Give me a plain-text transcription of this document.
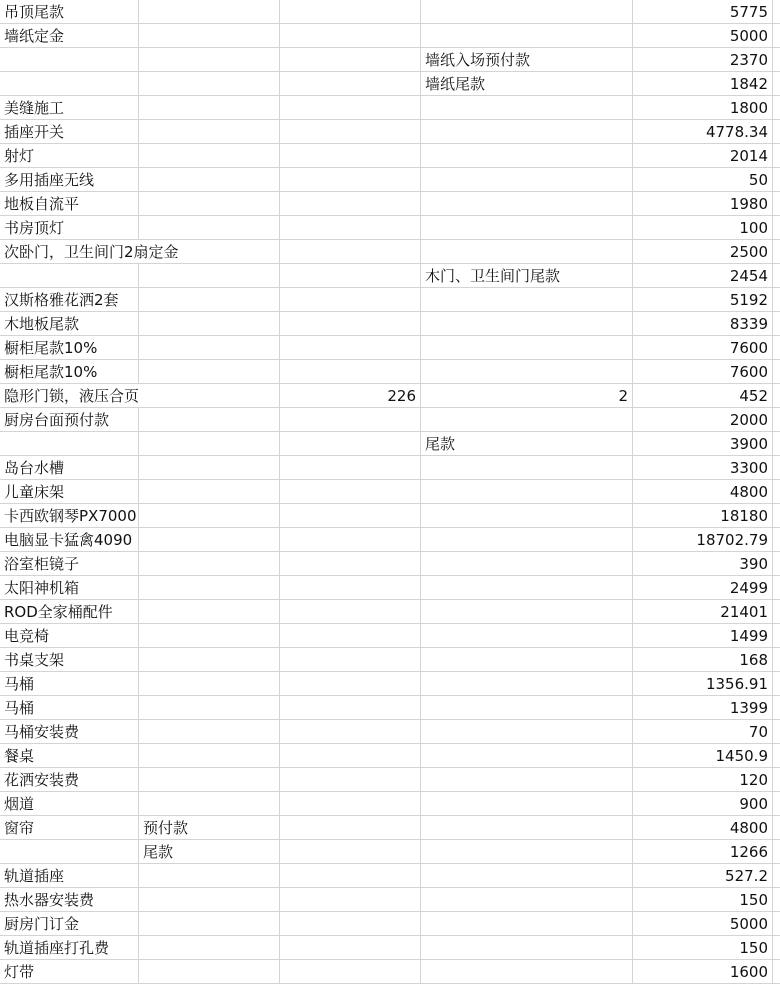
吊顶尾款	5775
墙纸定金	5000
墙纸入场预付款	2370
墙纸尾款	1842
美缝施工	1800
插座开关	4778.34
射灯	2014
多用插座无线	50
地板自流平	1980
书房顶灯	100
次卧门，卫生间门2扇定金	2500
木门、卫生间门尾款	2454
汉斯格雅花洒2套	5192
木地板尾款	8339
橱柜尾款10%	7600
橱柜尾款10%	7600
隐形门锁，液压合页	226	2	452
厨房台面预付款	2000
尾款	3900
岛台水槽	3300
儿童床架	4800
卡西欧钢琴PX7000	18180
电脑显卡猛禽4090	18702.79
浴室柜镜子	390
太阳神机箱	2499
ROD全家桶配件	21401
电竞椅	1499
书桌支架	168
马桶	1356.91
马桶	1399
马桶安装费	70
餐桌	1450.9
花洒安装费	120
烟道	900
窗帘	预付款	4800
尾款	1266
轨道插座	527.2
热水器安装费	150
厨房门订金	5000
轨道插座打孔费	150
灯带	1600
